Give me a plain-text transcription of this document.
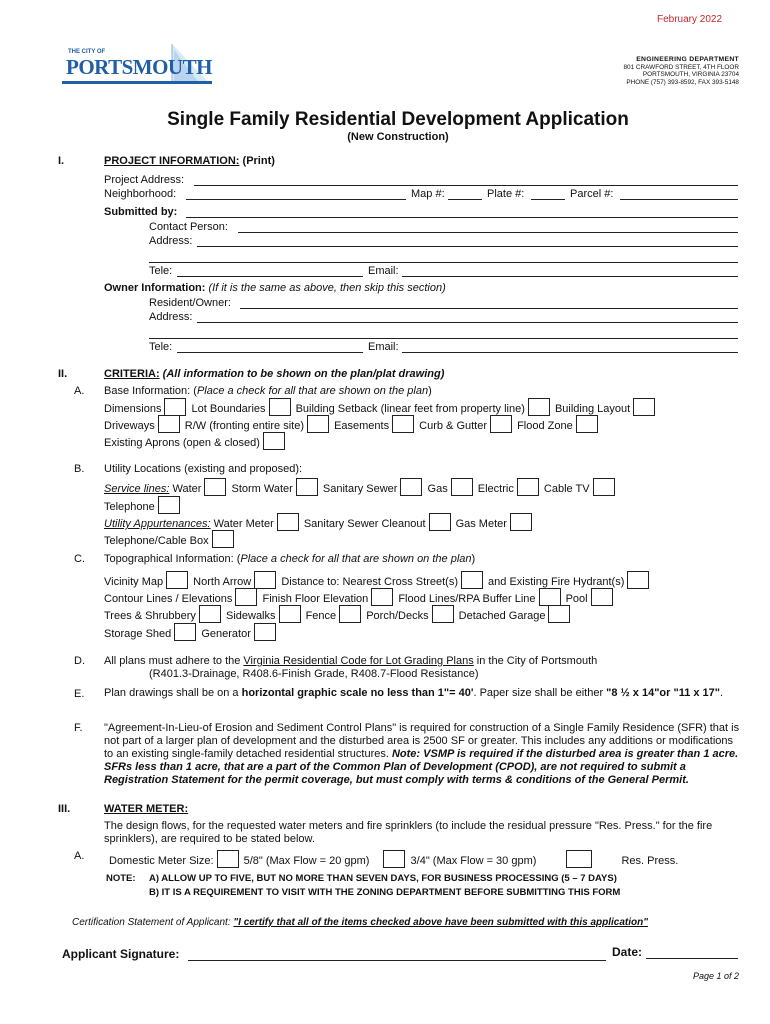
February 2022
THE CITY OF
PORTSMOUTH	ENGINEERING DEPARTMENT
801 CRAWFORD STREET, 4TH FLOOR
PORTSMOUTH, VIRGINIA 23704
PHONE (757) 393-8592, FAX 393-5148
Single Family Residential Development Application
(New Construction)
I.	PROJECT INFORMATION: (Print)
Project Address:
Neighborhood:	Map #:	Plate #:	Parcel #:
Submitted by:
Contact Person:
Address:
Tele:	Email:
Owner Information: (If it is the same as above, then skip this section)
Resident/Owner:
Address:
Tele:	Email:
II.	CRITERIA: (All information to be shown on the plan/plat drawing)
A. Base Information: (Place a check for all that are shown on the plan)
Dimensions	Lot Boundaries	Building Setback (linear feet from property line)	Building Layout
Driveways	R/W (fronting entire site)	Easements	Curb & Gutter	Flood Zone
Existing Aprons (open & closed)
B. Utility Locations (existing and proposed):
Service lines: Water	Storm Water	Sanitary Sewer	Gas	Electric	Cable TV
Telephone
Utility Appurtenances: Water Meter	Sanitary Sewer Cleanout	Gas Meter
Telephone/Cable Box
C. Topographical Information: (Place a check for all that are shown on the plan)
Vicinity Map	North Arrow	Distance to: Nearest Cross Street(s)	and Existing Fire Hydrant(s)
Contour Lines / Elevations	Finish Floor Elevation	Flood Lines/RPA Buffer Line	Pool
Trees & Shrubbery	Sidewalks	Fence	Porch/Decks	Detached Garage
Storage Shed	Generator
D. All plans must adhere to the Virginia Residential Code for Lot Grading Plans in the City of Portsmouth
(R401.3-Drainage, R408.6-Finish Grade, R408.7-Flood Resistance)
E. Plan drawings shall be on a horizontal graphic scale no less than 1"= 40'. Paper size shall be either "8 ½ x 14"or "11 x 17".
F. "Agreement-In-Lieu-of Erosion and Sediment Control Plans" is required for construction of a Single Family Residence (SFR) that is not part of a larger plan of development and the disturbed area is 2500 SF or greater. This includes any additions or modifications to an existing single-family detached residential structures. Note: VSMP is required if the disturbed area is greater than 1 acre. SFRs less than 1 acre, that are a part of the Common Plan of Development (CPOD), are not required to submit a Registration Statement for the permit coverage, but must comply with terms & conditions of the General Permit.
III.	WATER METER:
The design flows, for the requested water meters and fire sprinklers (to include the residual pressure "Res. Press." for the fire sprinklers), are required to be stated below.
A. Domestic Meter Size:	5/8" (Max Flow = 20 gpm)	3/4" (Max Flow = 30 gpm)	Res. Press.
NOTE: A) ALLOW UP TO FIVE, BUT NO MORE THAN SEVEN DAYS, FOR BUSINESS PROCESSING (5 – 7 DAYS)
B) IT IS A REQUIREMENT TO VISIT WITH THE ZONING DEPARTMENT BEFORE SUBMITTING THIS FORM
Certification Statement of Applicant: "I certify that all of the items checked above have been submitted with this application"
Applicant Signature:	Date:
Page 1 of 2
